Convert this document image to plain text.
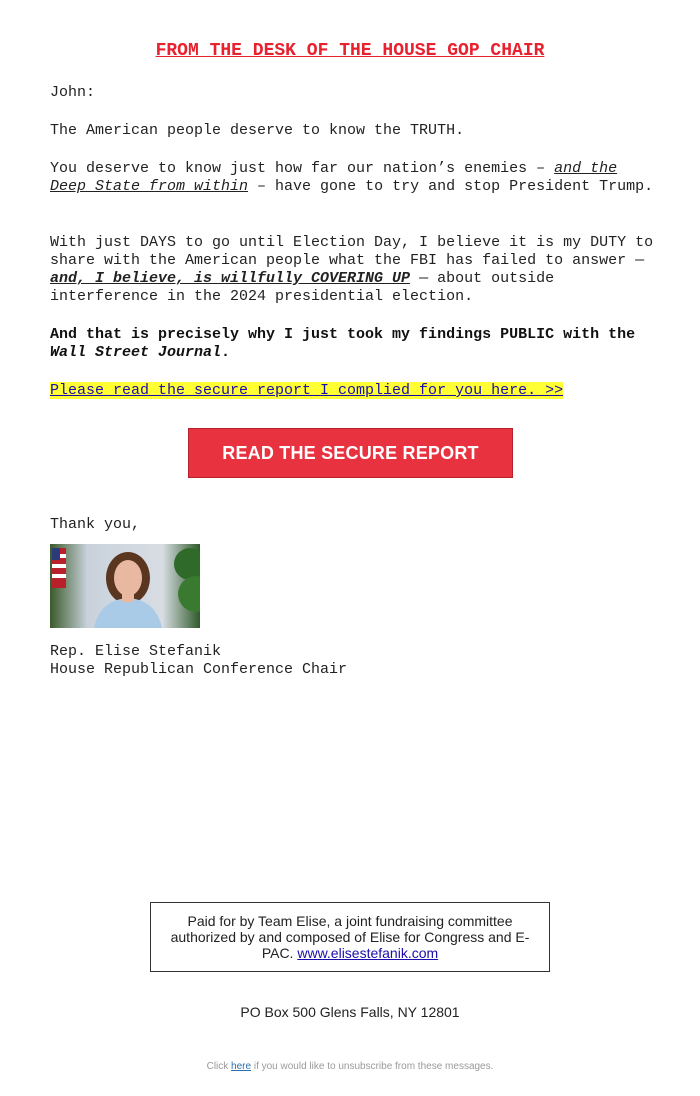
FROM THE DESK OF THE HOUSE GOP CHAIR

John:

The American people deserve to know the TRUTH.

You deserve to know just how far our nation’s enemies – and the Deep State from within – have gone to try and stop President Trump.

With just DAYS to go until Election Day, I believe it is my DUTY to share with the American people what the FBI has failed to answer — and, I believe, is willfully COVERING UP — about outside interference in the 2024 presidential election.

And that is precisely why I just took my findings PUBLIC with the Wall Street Journal.

Please read the secure report I complied for you here. >>

READ THE SECURE REPORT

Thank you,

Rep. Elise Stefanik
House Republican Conference Chair

Paid for by Team Elise, a joint fundraising committee authorized by and composed of Elise for Congress and E-PAC. www.elisestefanik.com
PO Box 500 Glens Falls, NY 12801
Click here if you would like to unsubscribe from these messages.
